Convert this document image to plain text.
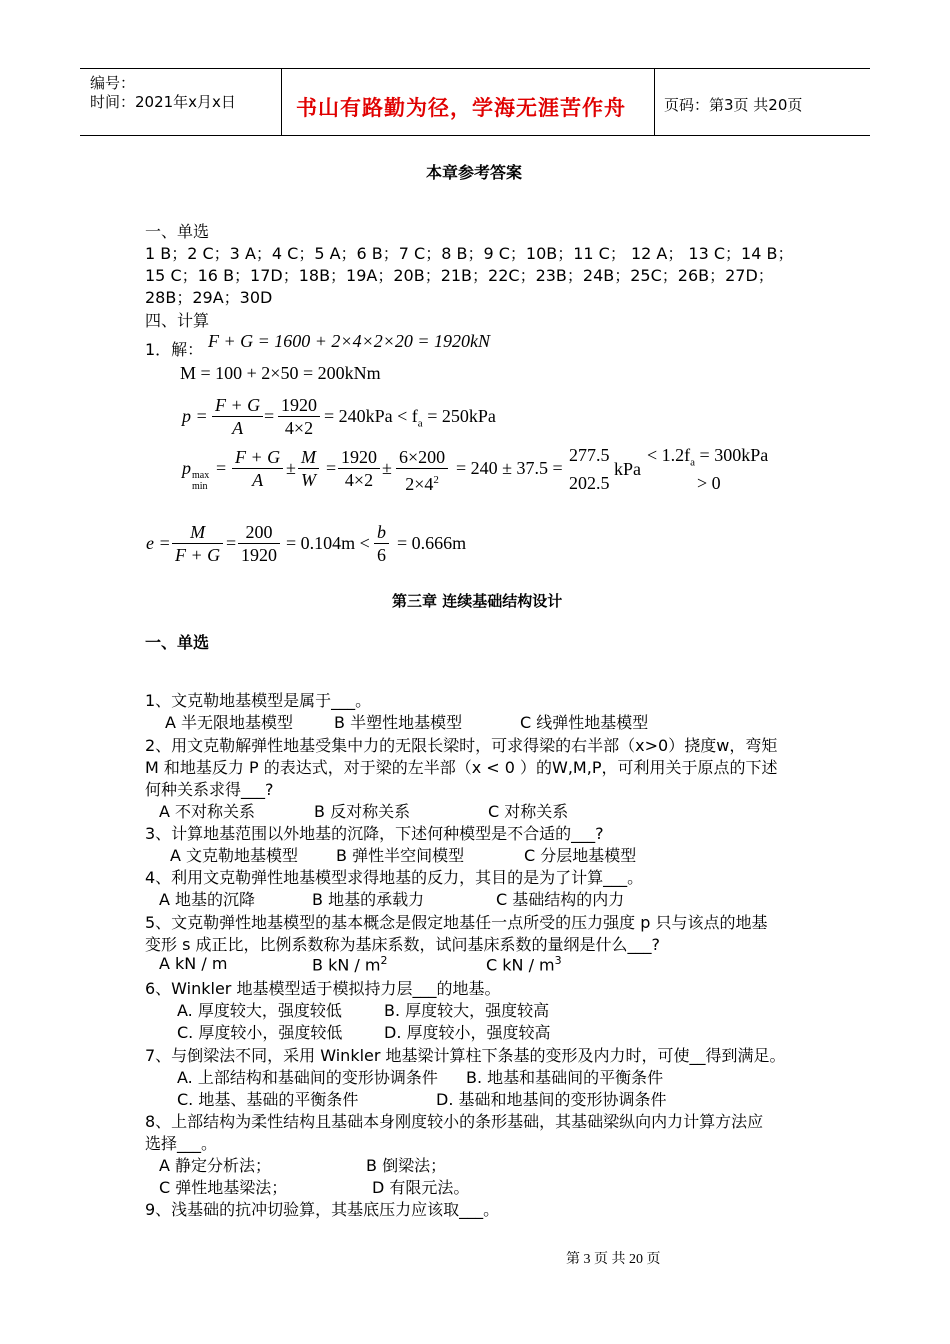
编号：
时间：2021年x月x日	书山有路勤为径，学海无涯苦作舟	页码：第3页 共20页
本章参考答案
一、单选
1 B；2 C；3 A；4 C；5 A；6 B；7 C；8 B；9 C；10B；11 C； 12 A； 13 C；14 B；
15 C；16 B；17D；18B；19A；20B；21B；22C；23B；24B；25C；26B；27D；
28B；29A；30D
四、计算
1．解： F + G = 1600 + 2×4×2×20 = 1920kN
M = 100 + 2×50 = 200kNm
$p = \frac{F + G}{A} = \frac{1920}{4\times 2} = 240kPa < f_a = 250kPa$
p max
min
= $\frac{F + G}{A} \pm \frac{M}{W} = \frac{1920}{4\times 2} \pm \frac{6\times 200}{2\times 4^2} = 240 \pm 37.5$ =
277.5
202.5
kPa
< $1.2f_a = 300kPa$
> 0
$e = \frac{M}{F + G} = \frac{200}{1920} = 0.104m < \frac{b}{6} = 0.666m$
第三章 连续基础结构设计
一、单选
1、文克勒地基模型是属于___。
A 半无限地基模型	B 半塑性地基模型	C 线弹性地基模型
2、用文克勒解弹性地基受集中力的无限长梁时，可求得梁的右半部（x>0）挠度w，弯矩
M 和地基反力 P 的表达式，对于梁的左半部（x < 0 ）的W,M,P，可利用关于原点的下述
何种关系求得___?
A 不对称关系	B 反对称关系	C 对称关系
3、计算地基范围以外地基的沉降，下述何种模型是不合适的___?
A 文克勒地基模型 B 弹性半空间模型	C 分层地基模型
4、利用文克勒弹性地基模型求得地基的反力，其目的是为了计算___。
A 地基的沉降	B 地基的承载力	C 基础结构的内力
5、文克勒弹性地基模型的基本概念是假定地基任一点所受的压力强度 p 只与该点的地基
变形 s 成正比，比例系数称为基床系数，试问基床系数的量纲是什么___?
A kN / m	B kN / $m^2$	C kN / $m^3$
6、Winkler 地基模型适于模拟持力层___的地基。
A. 厚度较大，强度较低	B. 厚度较大，强度较高
C. 厚度较小，强度较低	D. 厚度较小，强度较高
7、与倒梁法不同，采用 Winkler 地基梁计算柱下条基的变形及内力时，可使__得到满足。
A. 上部结构和基础间的变形协调条件 B. 地基和基础间的平衡条件
C. 地基、基础的平衡条件	D. 基础和地基间的变形协调条件
8、上部结构为柔性结构且基础本身刚度较小的条形基础，其基础梁纵向内力计算方法应
选择___。
A 静定分析法；	B 倒梁法；
C 弹性地基梁法；	D 有限元法。
9、浅基础的抗冲切验算，其基底压力应该取___。
第 3 页 共 20 页
